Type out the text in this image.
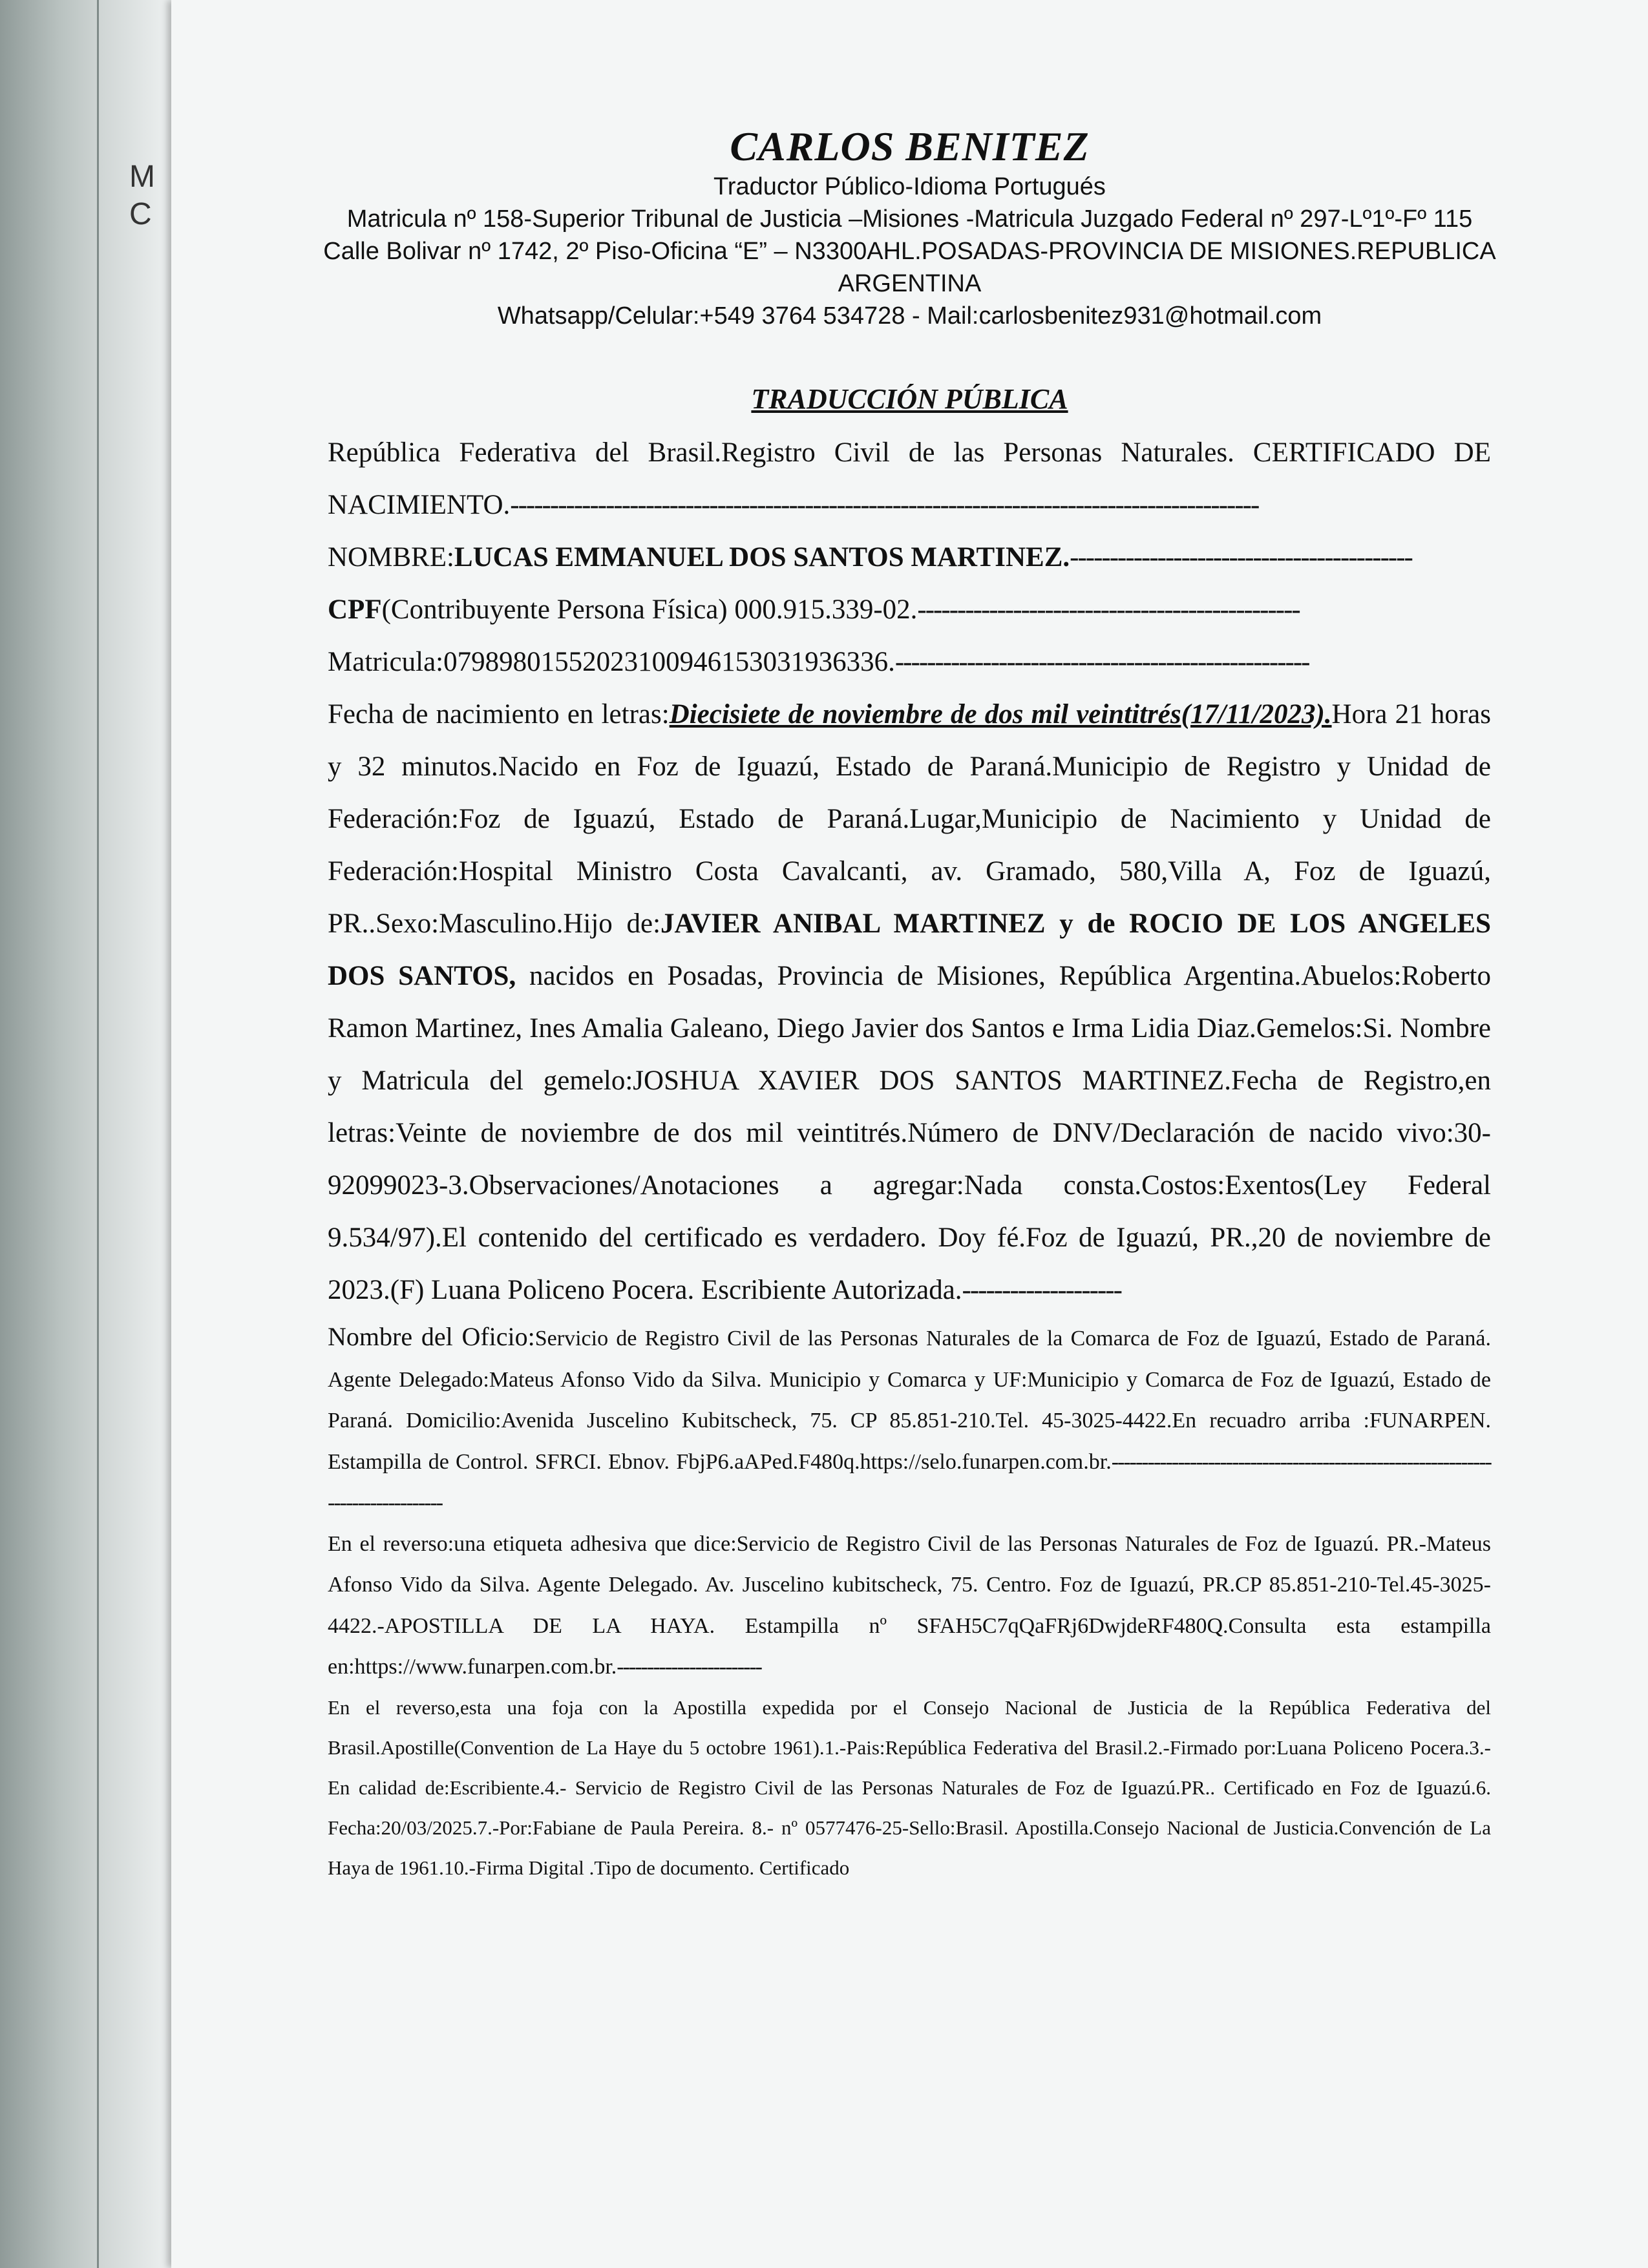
M
C

CARLOS BENITEZ

Traductor Público-Idioma Portugués

Matricula nº 158-Superior Tribunal de Justicia –Misiones -Matricula Juzgado Federal nº 297-Lº1º-Fº 115

Calle Bolivar nº 1742, 2º Piso-Oficina “E” – N3300AHL.POSADAS-PROVINCIA DE MISIONES.REPUBLICA

ARGENTINA

Whatsapp/Celular:+549 3764 534728 - Mail:carlosbenitez931@hotmail.com

TRADUCCIÓN PÚBLICA

República Federativa del Brasil.Registro Civil de las Personas Naturales. CERTIFICADO DE NACIMIENTO.----------------------------------------------------------------------------------------------

NOMBRE:LUCAS EMMANUEL DOS SANTOS MARTINEZ.-------------------------------------------

CPF(Contribuyente Persona Física) 000.915.339-02.------------------------------------------------

Matricula:07989801552023100946153031936336.----------------------------------------------------

Fecha de nacimiento en letras:Diecisiete de noviembre de dos mil veintitrés(17/11/2023).Hora 21 horas y 32 minutos.Nacido en Foz de Iguazú, Estado de Paraná.Municipio de Registro y Unidad de Federación:Foz de Iguazú, Estado de Paraná.Lugar,Municipio de Nacimiento y Unidad de Federación:Hospital Ministro Costa Cavalcanti, av. Gramado, 580,Villa A, Foz de Iguazú, PR..Sexo:Masculino.Hijo de:JAVIER ANIBAL MARTINEZ y de ROCIO DE LOS ANGELES DOS SANTOS, nacidos en Posadas, Provincia de Misiones, República Argentina.Abuelos:Roberto Ramon Martinez, Ines Amalia Galeano, Diego Javier dos Santos e Irma Lidia Diaz.Gemelos:Si. Nombre y Matricula del gemelo:JOSHUA XAVIER DOS SANTOS MARTINEZ.Fecha de Registro,en letras:Veinte de noviembre de dos mil veintitrés.Número de DNV/Declaración de nacido vivo:30-92099023-3.Observaciones/Anotaciones a agregar:Nada consta.Costos:Exentos(Ley Federal 9.534/97).El contenido del certificado es verdadero. Doy fé.Foz de Iguazú, PR.,20 de noviembre de 2023.(F) Luana Policeno Pocera. Escribiente Autorizada.--------------------

Nombre del Oficio:Servicio de Registro Civil de las Personas Naturales de la Comarca de Foz de Iguazú, Estado de Paraná. Agente Delegado:Mateus Afonso Vido da Silva. Municipio y Comarca y UF:Municipio y Comarca de Foz de Iguazú, Estado de Paraná. Domicilio:Avenida Juscelino Kubitscheck, 75. CP 85.851-210.Tel. 45-3025-4422.En recuadro arriba :FUNARPEN. Estampilla de Control. SFRCI. Ebnov. FbjP6.aAPed.F480q.https://selo.funarpen.com.br.----------------------------------------------------------------------------------

En el reverso:una etiqueta adhesiva que dice:Servicio de Registro Civil de las Personas Naturales de Foz de Iguazú. PR.-Mateus Afonso Vido da Silva. Agente Delegado. Av. Juscelino kubitscheck, 75. Centro. Foz de Iguazú, PR.CP 85.851-210-Tel.45-3025-4422.-APOSTILLA DE LA HAYA. Estampilla nº SFAH5C7qQaFRj6DwjdeRF480Q.Consulta esta estampilla en:https://www.funarpen.com.br.------------------------

En el reverso,esta una foja con la Apostilla expedida por el Consejo Nacional de Justicia de la República Federativa del Brasil.Apostille(Convention de La Haye du 5 octobre 1961).1.-Pais:República Federativa del Brasil.2.-Firmado por:Luana Policeno Pocera.3.- En calidad de:Escribiente.4.- Servicio de Registro Civil de las Personas Naturales de Foz de Iguazú.PR.. Certificado en Foz de Iguazú.6. Fecha:20/03/2025.7.-Por:Fabiane de Paula Pereira. 8.- nº 0577476-25-Sello:Brasil. Apostilla.Consejo Nacional de Justicia.Convención de La Haya de 1961.10.-Firma Digital .Tipo de documento. Certificado
